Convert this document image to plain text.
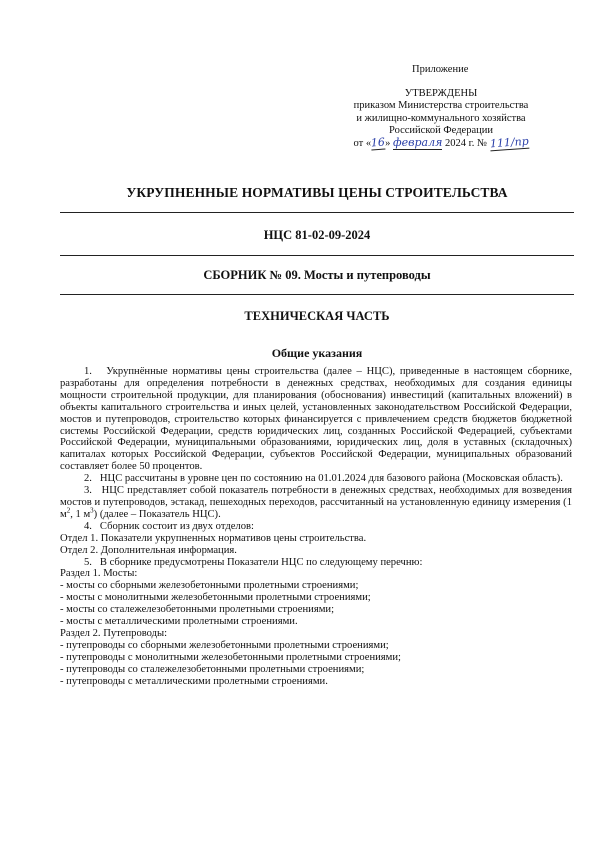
Приложение
УТВЕРЖДЕНЫ
приказом Министерства строительства
и жилищно-коммунального хозяйства
Российской Федерации
от «16» февраля 2024 г. № 111/пр
УКРУПНЕННЫЕ НОРМАТИВЫ ЦЕНЫ СТРОИТЕЛЬСТВА
НЦС 81-02-09-2024
СБОРНИК № 09. Мосты и путепроводы
ТЕХНИЧЕСКАЯ ЧАСТЬ
Общие указания

1.   Укрупнённые нормативы цены строительства (далее – НЦС), приведенные в настоящем сборнике, разработаны для определения потребности в денежных средствах, необходимых для создания единицы мощности строительной продукции, для планирования (обоснования) инвестиций (капитальных вложений) в объекты капитального строительства и иных целей, установленных законодательством Российской Федерации, мостов и путепроводов, строительство которых финансируется с привлечением средств бюджетов бюджетной системы Российской Федерации, средств юридических лиц, созданных Российской Федерацией, субъектами Российской Федерации, муниципальными образованиями, юридических лиц, доля в уставных (складочных) капиталах которых Российской Федерации, субъектов Российской Федерации, муниципальных образований составляет более 50 процентов.

2.   НЦС рассчитаны в уровне цен по состоянию на 01.01.2024 для базового района (Московская область).

3.   НЦС представляет собой показатель потребности в денежных средствах, необходимых для возведения мостов и путепроводов, эстакад, пешеходных переходов, рассчитанный на установленную единицу измерения (1 $м^2$, 1 $м^3$) (далее – Показатель НЦС).

4.   Сборник состоит из двух отделов:

Отдел 1. Показатели укрупненных нормативов цены строительства.

Отдел 2. Дополнительная информация.

5.   В сборнике предусмотрены Показатели НЦС по следующему перечню:

Раздел 1. Мосты:

- мосты со сборными железобетонными пролетными строениями;

- мосты с монолитными железобетонными пролетными строениями;

- мосты со сталежелезобетонными пролетными строениями;

- мосты с металлическими пролетными строениями.

Раздел 2. Путепроводы:

- путепроводы со сборными железобетонными пролетными строениями;

- путепроводы с монолитными железобетонными пролетными строениями;

- путепроводы со сталежелезобетонными пролетными строениями;

- путепроводы с металлическими пролетными строениями.
